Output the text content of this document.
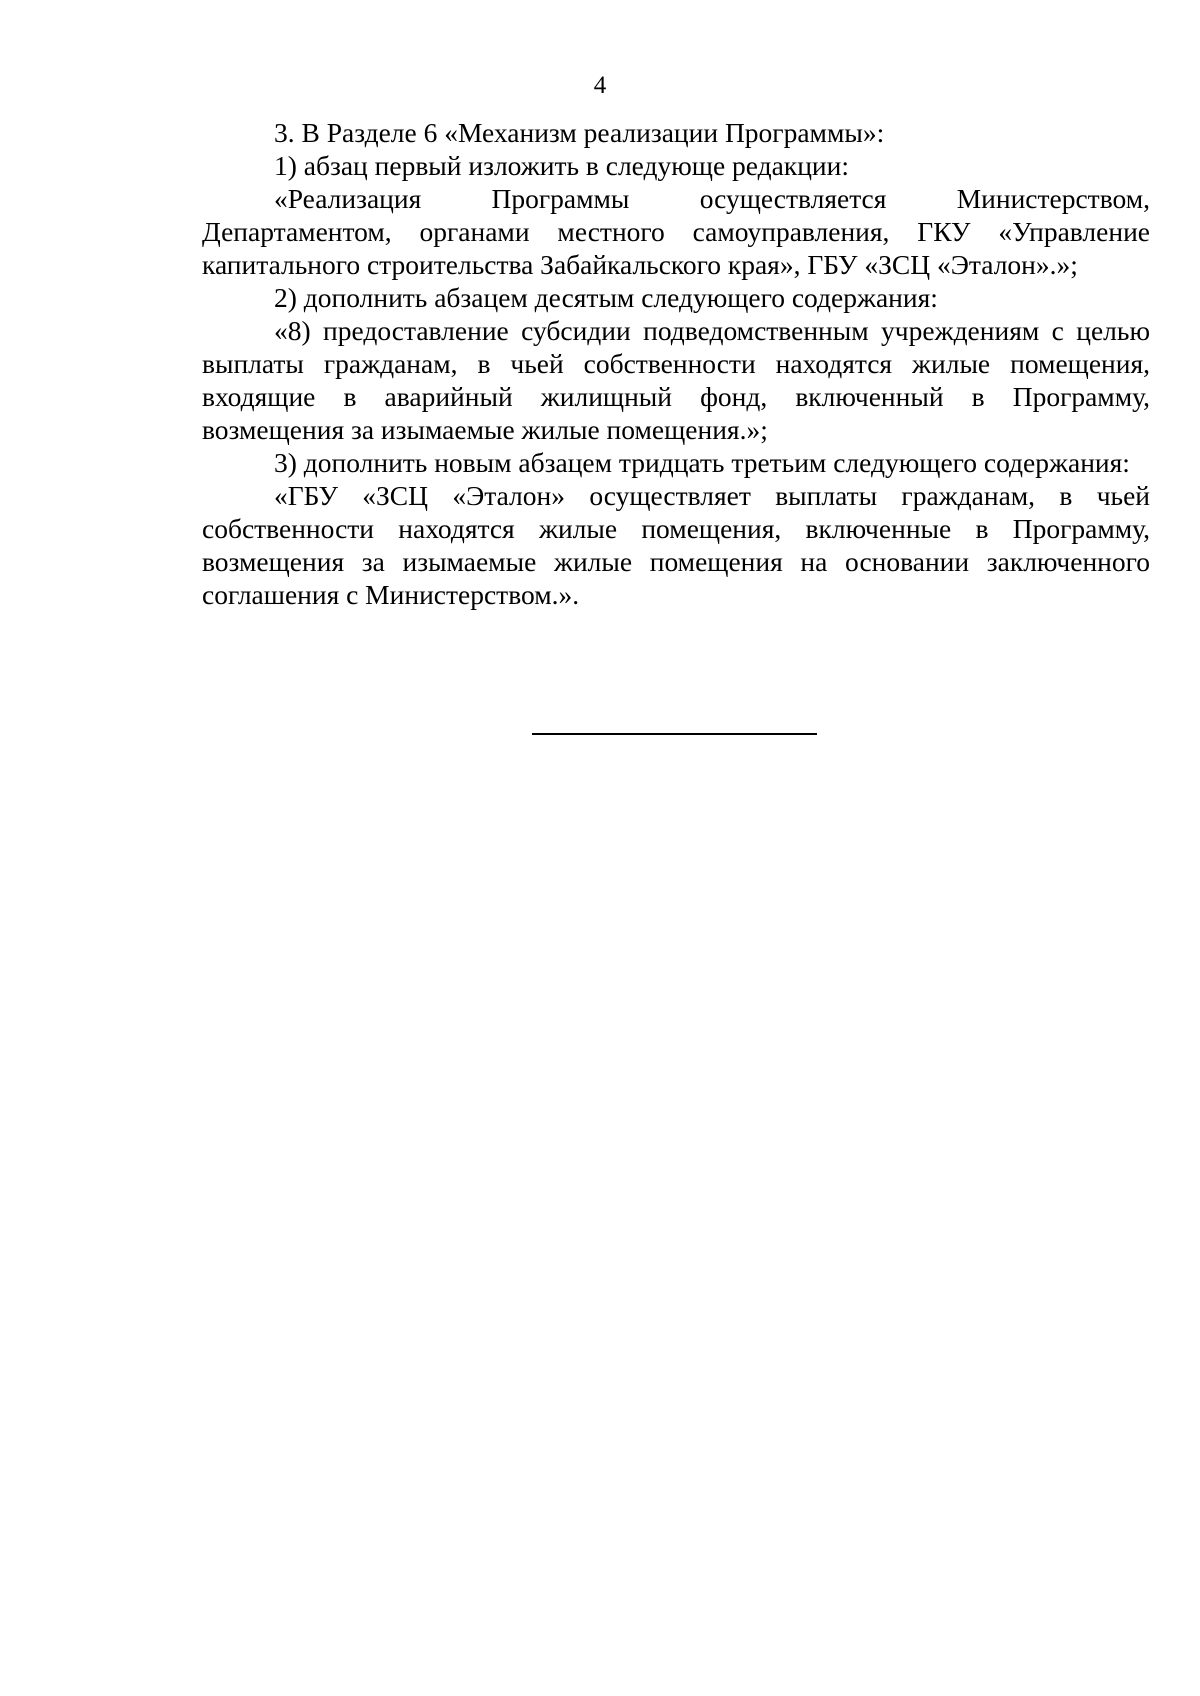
4

3. В Разделе 6 «Механизм реализации Программы»:

1) абзац первый изложить в следующе редакции:

«Реализация Программы осуществляется Министерством, Департаментом, органами местного самоуправления, ГКУ «Управление капитального строительства Забайкальского края», ГБУ «ЗСЦ «Эталон».»;

2) дополнить абзацем десятым следующего содержания:

«8) предоставление субсидии подведомственным учреждениям с целью выплаты гражданам, в чьей собственности находятся жилые помещения, входящие в аварийный жилищный фонд, включенный в Программу, возмещения за изымаемые жилые помещения.»;

3) дополнить новым абзацем тридцать третьим следующего содержания:

«ГБУ «ЗСЦ «Эталон» осуществляет выплаты гражданам, в чьей собственности находятся жилые помещения, включенные в Программу, возмещения за изымаемые жилые помещения на основании заключенного соглашения с Министерством.».
